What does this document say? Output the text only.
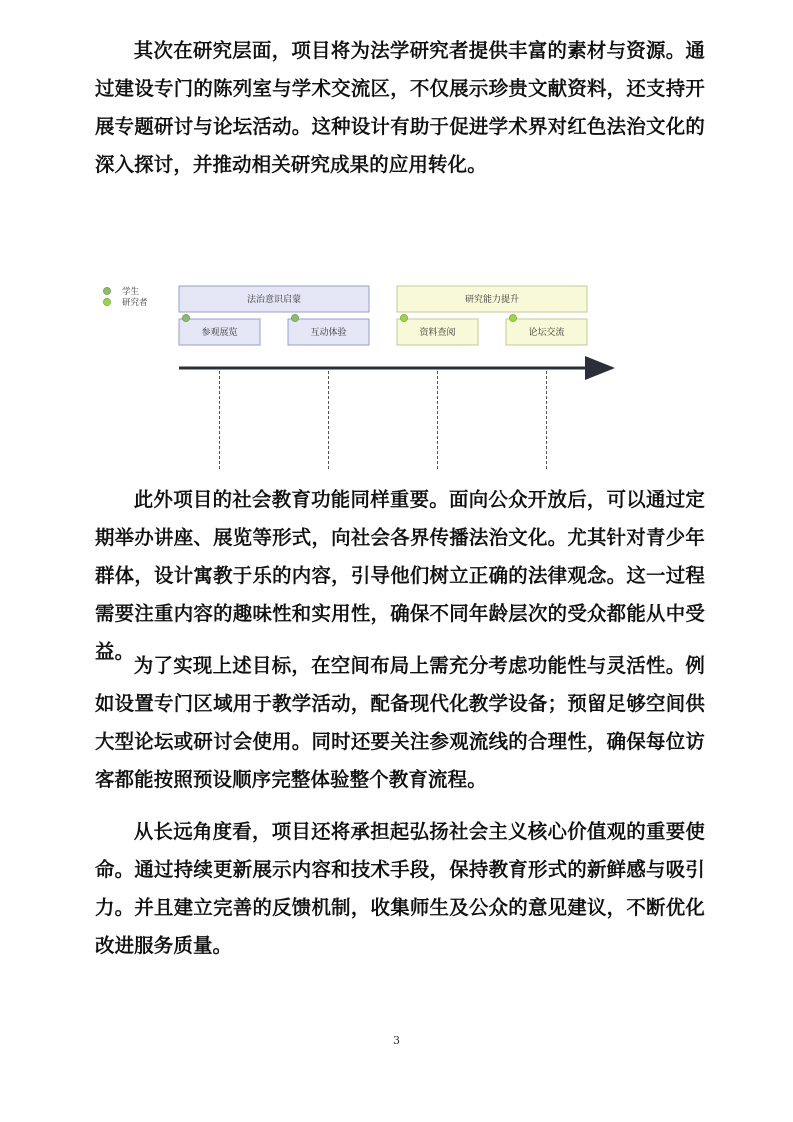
其次在研究层面，项目将为法学研究者提供丰富的素材与资源。通过建设专门的陈列室与学术交流区，不仅展示珍贵文献资料，还支持开展专题研讨与论坛活动。这种设计有助于促进学术界对红色法治文化的深入探讨，并推动相关研究成果的应用转化。

学生
研究者	法治意识启蒙	研究能力提升
参观展览	互动体验	资料查阅	论坛交流

此外项目的社会教育功能同样重要。面向公众开放后，可以通过定期举办讲座、展览等形式，向社会各界传播法治文化。尤其针对青少年群体，设计寓教于乐的内容，引导他们树立正确的法律观念。这一过程需要注重内容的趣味性和实用性，确保不同年龄层次的受众都能从中受益。

为了实现上述目标，在空间布局上需充分考虑功能性与灵活性。例如设置专门区域用于教学活动，配备现代化教学设备；预留足够空间供大型论坛或研讨会使用。同时还要关注参观流线的合理性，确保每位访客都能按照预设顺序完整体验整个教育流程。

从长远角度看，项目还将承担起弘扬社会主义核心价值观的重要使命。通过持续更新展示内容和技术手段，保持教育形式的新鲜感与吸引力。并且建立完善的反馈机制，收集师生及公众的意见建议，不断优化改进服务质量。

3
